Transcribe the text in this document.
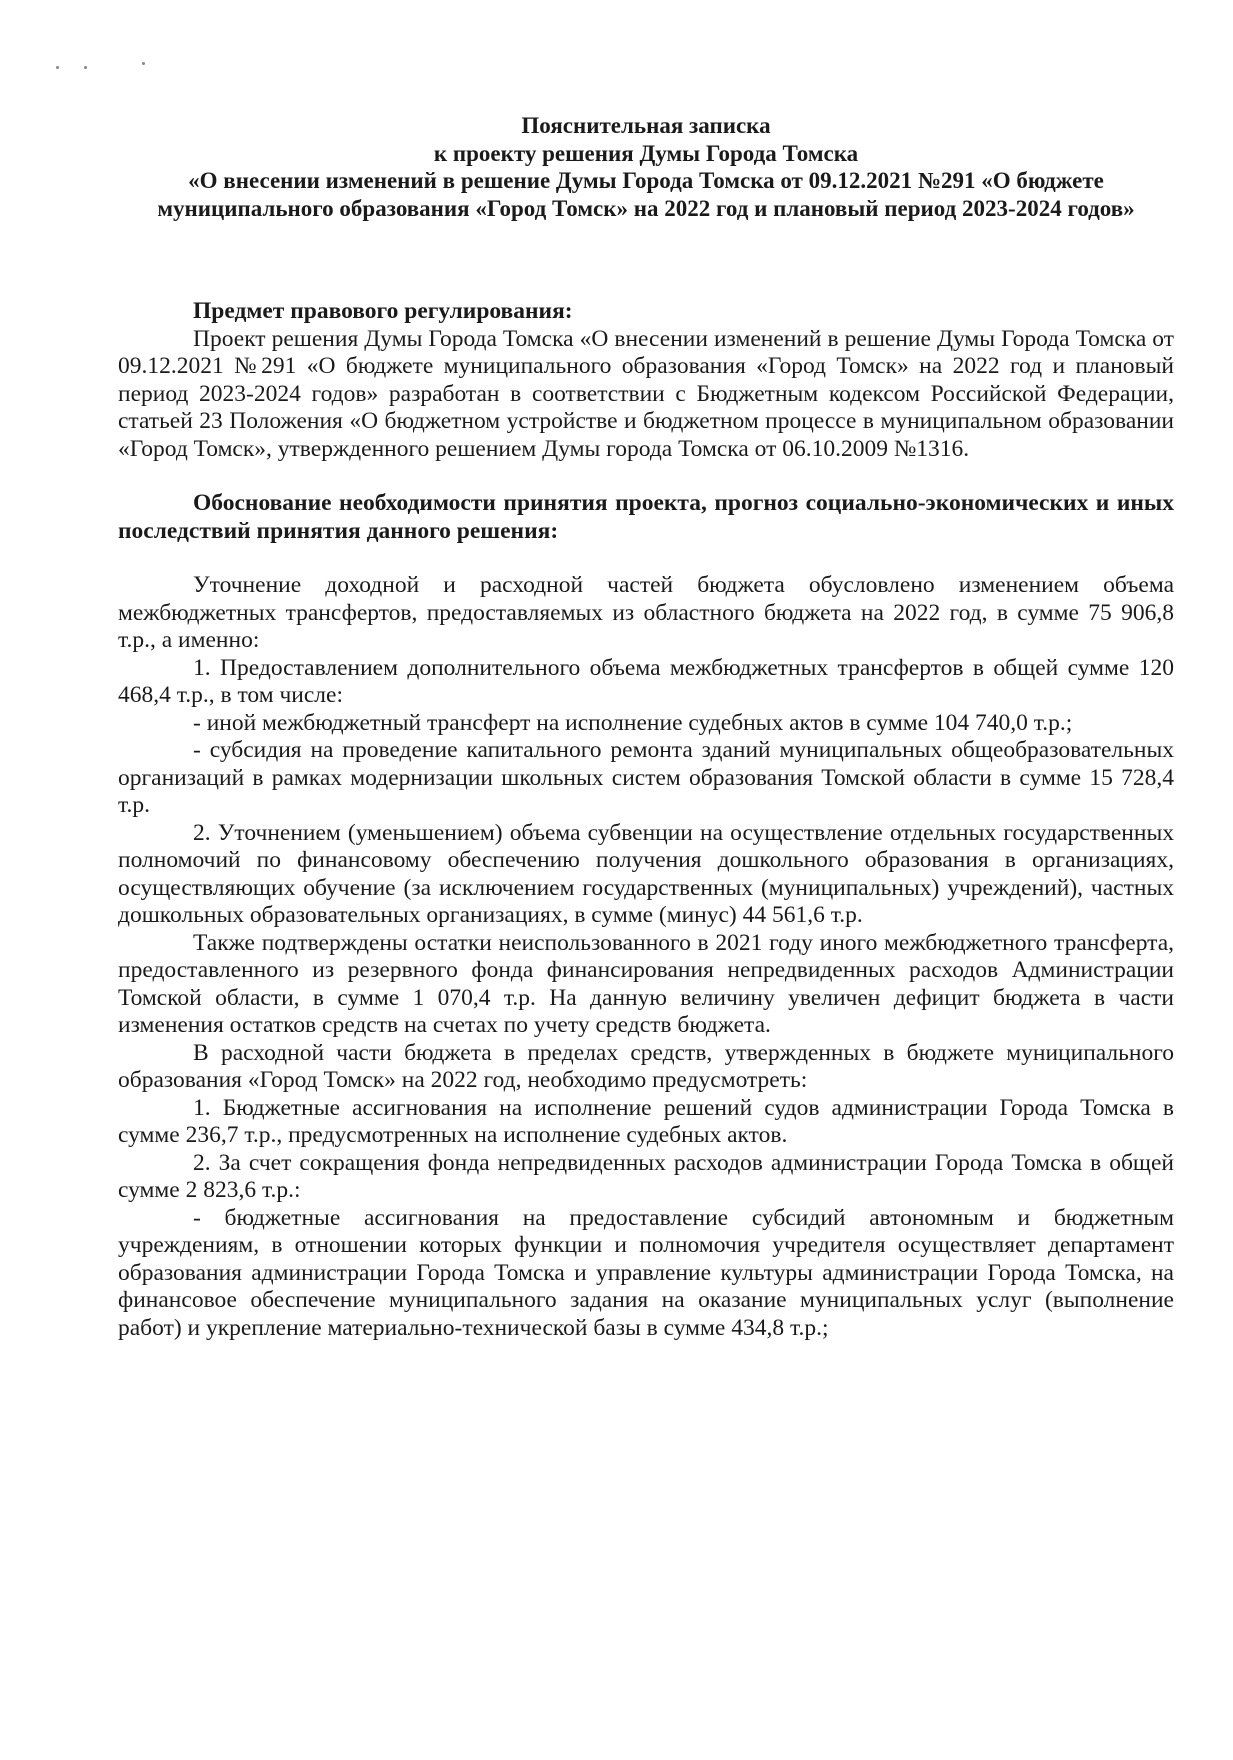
Пояснительная записка
к проекту решения Думы Города Томска
«О внесении изменений в решение Думы Города Томска от 09.12.2021 №291 «О бюджете муниципального образования «Город Томск» на 2022 год и плановый период 2023-2024 годов»

Предмет правового регулирования:

Проект решения Думы Города Томска «О внесении изменений в решение Думы Города Томска от 09.12.2021 №291 «О бюджете муниципального образования «Город Томск» на 2022 год и плановый период 2023-2024 годов» разработан в соответствии с Бюджетным кодексом Российской Федерации, статьей 23 Положения «О бюджетном устройстве и бюджетном процессе в муниципальном образовании «Город Томск», утвержденного решением Думы города Томска от 06.10.2009 №1316.

Обоснование необходимости принятия проекта, прогноз социально-экономических и иных последствий принятия данного решения:

Уточнение доходной и расходной частей бюджета обусловлено изменением объема межбюджетных трансфертов, предоставляемых из областного бюджета на 2022 год, в сумме 75 906,8 т.р., а именно:

1. Предоставлением дополнительного объема межбюджетных трансфертов в общей сумме 120 468,4 т.р., в том числе:

- иной межбюджетный трансферт на исполнение судебных актов в сумме 104 740,0 т.р.;

- субсидия на проведение капитального ремонта зданий муниципальных общеобразовательных организаций в рамках модернизации школьных систем образования Томской области в сумме 15 728,4 т.р.

2. Уточнением (уменьшением) объема субвенции на осуществление отдельных государственных полномочий по финансовому обеспечению получения дошкольного образования в организациях, осуществляющих обучение (за исключением государственных (муниципальных) учреждений), частных дошкольных образовательных организациях, в сумме (минус) 44 561,6 т.р.

Также подтверждены остатки неиспользованного в 2021 году иного межбюджетного трансферта, предоставленного из резервного фонда финансирования непредвиденных расходов Администрации Томской области, в сумме 1 070,4 т.р. На данную величину увеличен дефицит бюджета в части изменения остатков средств на счетах по учету средств бюджета.

В расходной части бюджета в пределах средств, утвержденных в бюджете муниципального образования «Город Томск» на 2022 год, необходимо предусмотреть:

1. Бюджетные ассигнования на исполнение решений судов администрации Города Томска в сумме 236,7 т.р., предусмотренных на исполнение судебных актов.

2. За счет сокращения фонда непредвиденных расходов администрации Города Томска в общей сумме 2 823,6 т.р.:

- бюджетные ассигнования на предоставление субсидий автономным и бюджетным учреждениям, в отношении которых функции и полномочия учредителя осуществляет департамент образования администрации Города Томска и управление культуры администрации Города Томска, на финансовое обеспечение муниципального задания на оказание муниципальных услуг (выполнение работ) и укрепление материально-технической базы в сумме 434,8 т.р.;
